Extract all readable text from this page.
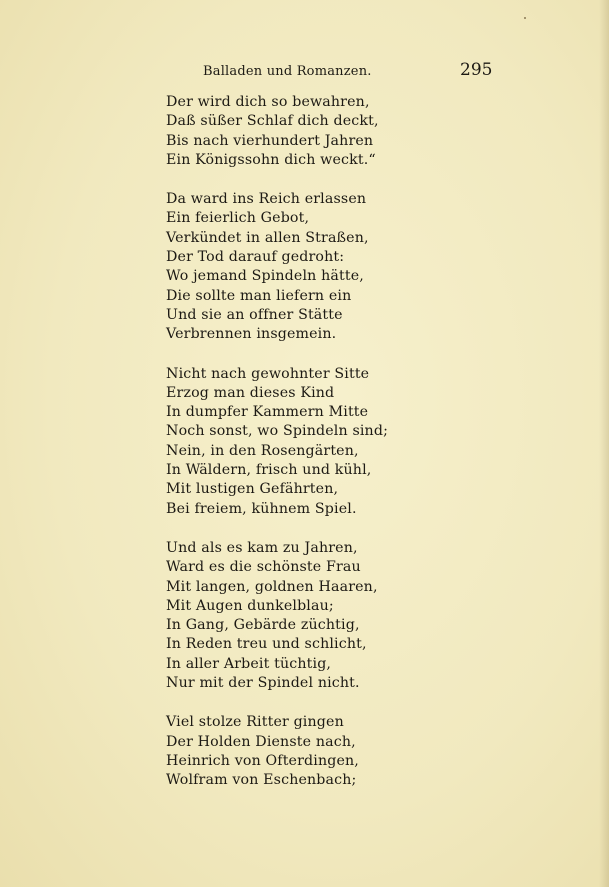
Balladen und Romanzen.	295
Der wird dich so bewahren,
Daß süßer Schlaf dich deckt,
Bis nach vierhundert Jahren
Ein Königssohn dich weckt.“
Da ward ins Reich erlassen
Ein feierlich Gebot,
Verkündet in allen Straßen,
Der Tod darauf gedroht:
Wo jemand Spindeln hätte,
Die sollte man liefern ein
Und sie an offner Stätte
Verbrennen insgemein.
Nicht nach gewohnter Sitte
Erzog man dieses Kind
In dumpfer Kammern Mitte
Noch sonst, wo Spindeln sind;
Nein, in den Rosengärten,
In Wäldern, frisch und kühl,
Mit lustigen Gefährten,
Bei freiem, kühnem Spiel.
Und als es kam zu Jahren,
Ward es die schönste Frau
Mit langen, goldnen Haaren,
Mit Augen dunkelblau;
In Gang, Gebärde züchtig,
In Reden treu und schlicht,
In aller Arbeit tüchtig,
Nur mit der Spindel nicht.
Viel stolze Ritter gingen
Der Holden Dienste nach,
Heinrich von Ofterdingen,
Wolfram von Eschenbach;
